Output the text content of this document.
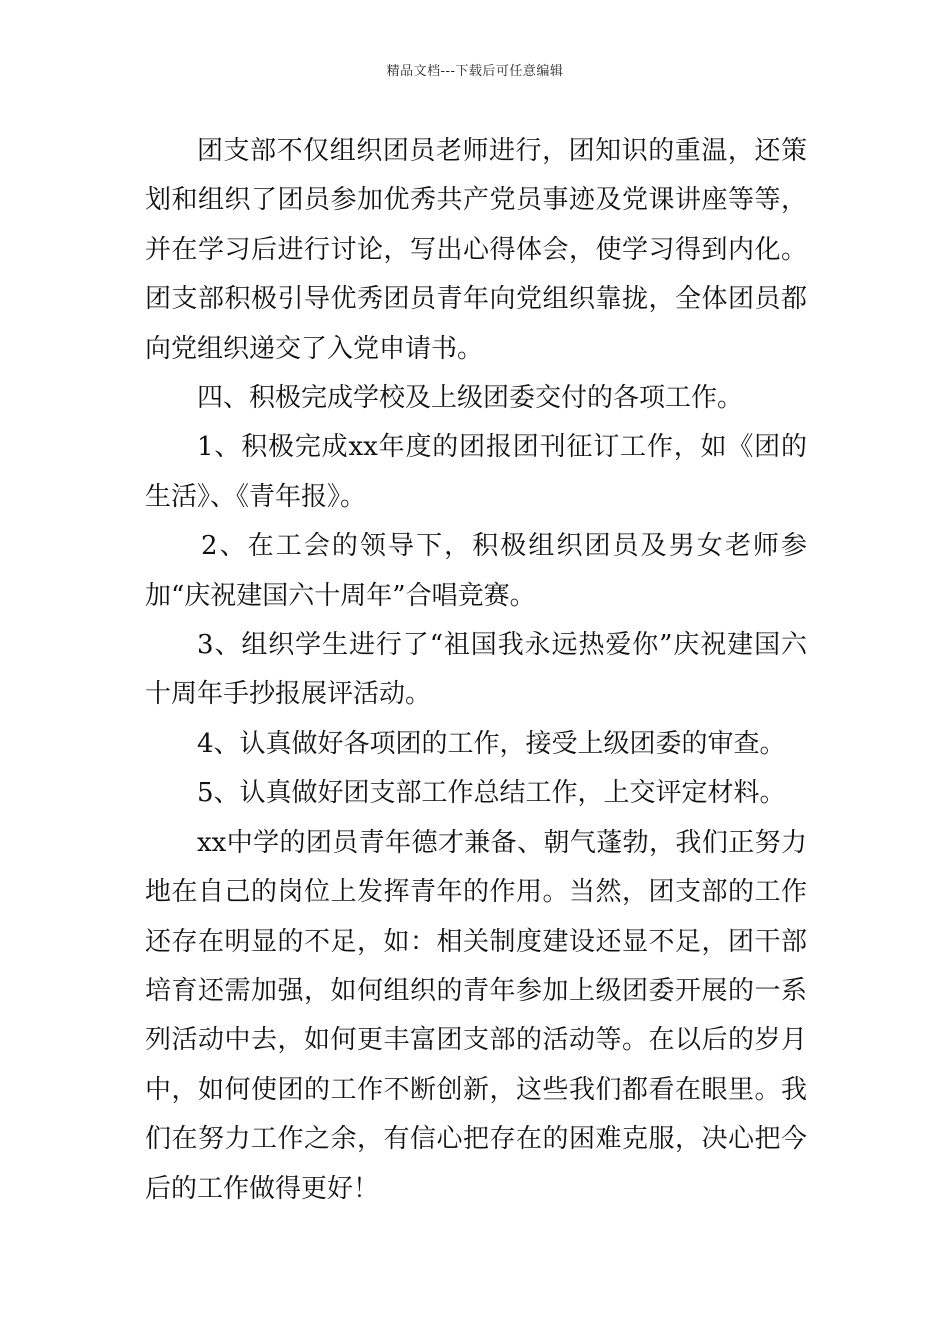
精品文档---下载后可任意编辑

团支部不仅组织团员老师进行，团知识的重温，还策划和组织了团员参加优秀共产党员事迹及党课讲座等等，并在学习后进行讨论，写出心得体会，使学习得到内化。团支部积极引导优秀团员青年向党组织靠拢，全体团员都向党组织递交了入党申请书。

四、积极完成学校及上级团委交付的各项工作。

1、积极完成xx年度的团报团刊征订工作，如《团的生活》、《青年报》。

2、在工会的领导下，积极组织团员及男女老师参加“庆祝建国六十周年”合唱竞赛。

3、组织学生进行了“祖国我永远热爱你”庆祝建国六十周年手抄报展评活动。

4、认真做好各项团的工作，接受上级团委的审查。

5、认真做好团支部工作总结工作，上交评定材料。

xx中学的团员青年德才兼备、朝气蓬勃，我们正努力地在自己的岗位上发挥青年的作用。当然，团支部的工作还存在明显的不足，如：相关制度建设还显不足，团干部培育还需加强，如何组织的青年参加上级团委开展的一系列活动中去，如何更丰富团支部的活动等。在以后的岁月中，如何使团的工作不断创新，这些我们都看在眼里。我们在努力工作之余，有信心把存在的困难克服，决心把今后的工作做得更好！
